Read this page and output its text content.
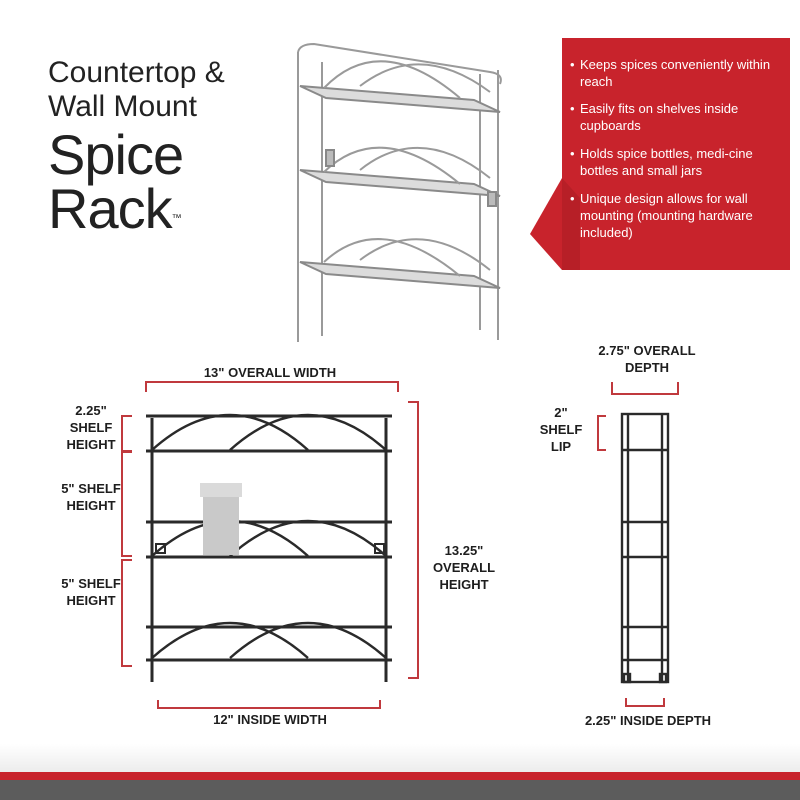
Countertop &
Wall Mount
Spice
Rack™
• Keeps spices conveniently within reach
• Easily fits on shelves inside cupboards
• Holds spice bottles, medi-cine bottles and small jars
• Unique design allows for wall mounting (mounting hardware included)
13" OVERALL WIDTH
12" INSIDE WIDTH
2.25" SHELF HEIGHT
5" SHELF HEIGHT
5" SHELF HEIGHT
13.25" OVERALL HEIGHT
2.75" OVERALL DEPTH
2" SHELF LIP
2.25" INSIDE DEPTH
